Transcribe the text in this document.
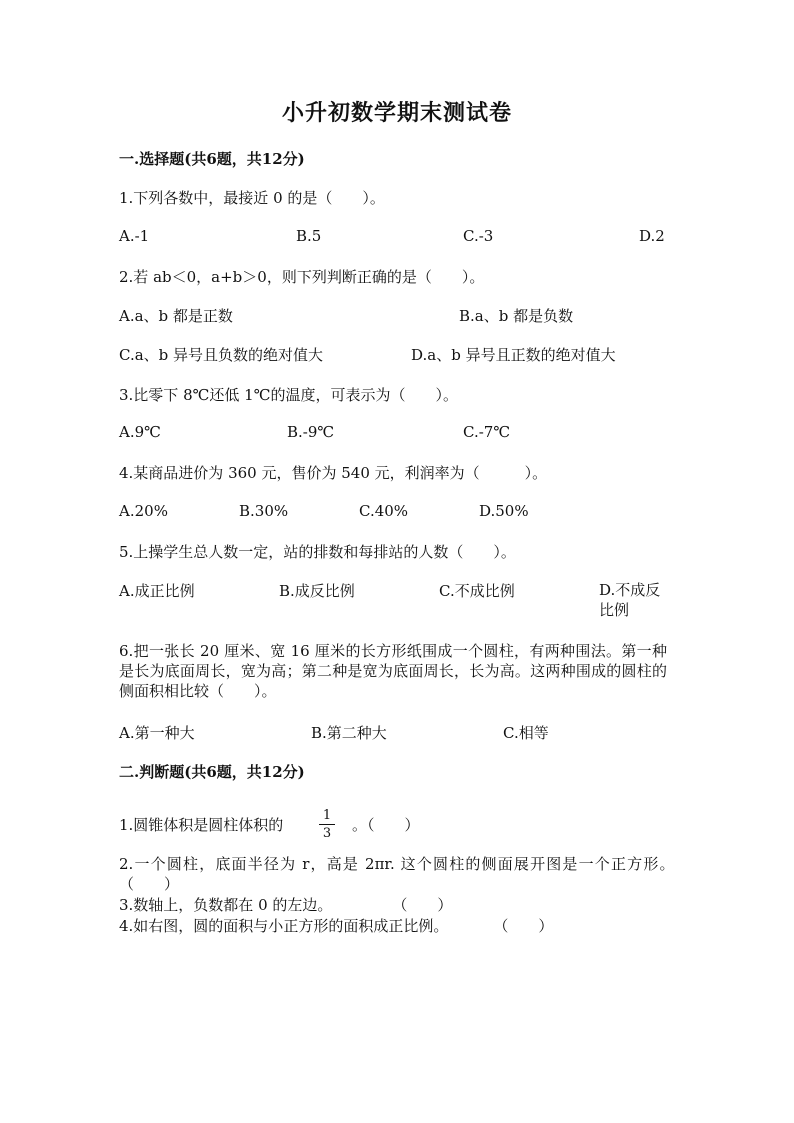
小升初数学期末测试卷
一.选择题(共6题，共12分)
1.下列各数中，最接近 0 的是（　　）。
A.-1	B.5	C.-3	D.2
2.若 ab＜0，a+b＞0，则下列判断正确的是（　　）。
A.a、b 都是正数	B.a、b 都是负数
C.a、b 异号且负数的绝对值大	D.a、b 异号且正数的绝对值大
3.比零下 8℃还低 1℃的温度，可表示为（　　）。
A.9℃	B.-9℃	C.-7℃
4.某商品进价为 360 元，售价为 540 元，利润率为（　　　）。
A.20%	B.30%	C.40%	D.50%
5.上操学生总人数一定，站的排数和每排站的人数（　　）。
A.成正比例	B.成反比例	C.不成比例	D.不成反比例
6.把一张长 20 厘米、宽 16 厘米的长方形纸围成一个圆柱，有两种围法。第一种是长为底面周长，宽为高；第二种是宽为底面周长，长为高。这两种围成的圆柱的侧面积相比较（　　）。
A.第一种大	B.第二种大	C.相等
二.判断题(共6题，共12分)
1.圆锥体积是圆柱体积的
1
3 。（　　）
2.一个圆柱，底面半径为 r，高是 2πr. 这个圆柱的侧面展开图是一个正方形。　　（　　）
3.数轴上，负数都在 0 的左边。　　　　　（　　）
4.如右图，圆的面积与小正方形的面积成正比例。　　　　（　　）
